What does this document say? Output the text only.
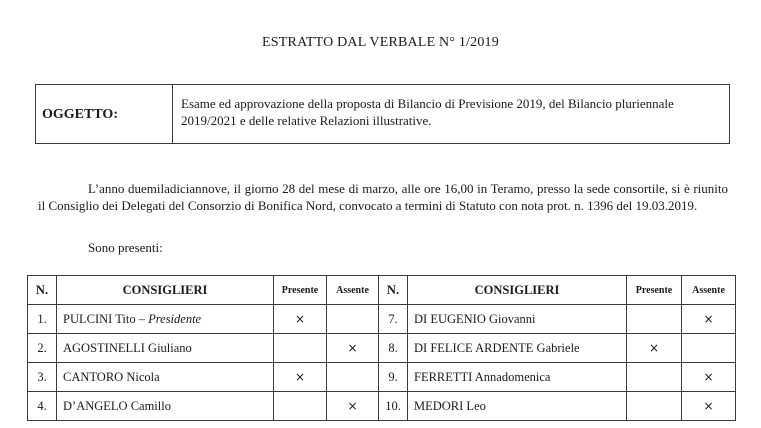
ESTRATTO DAL VERBALE N° 1/2019
OGGETTO:
Esame ed approvazione della proposta di Bilancio di Previsione 2019, del Bilancio pluriennale 2019/2021 e delle relative Relazioni illustrative.
L’anno duemiladiciannove, il giorno 28 del mese di marzo, alle ore 16,00 in Teramo, presso la sede consortile, si è riunito il Consiglio dei Delegati del Consorzio di Bonifica Nord, convocato a termini di Statuto con nota prot. n. 1396 del 19.03.2019.
Sono presenti:
N.	CONSIGLIERI	Presente	Assente	N.	CONSIGLIERI	Presente	Assente
1.	PULCINI Tito – Presidente	×		7.	DI EUGENIO Giovanni		×
2.	AGOSTINELLI Giuliano		×	8.	DI FELICE ARDENTE Gabriele	×	
3.	CANTORO Nicola	×		9.	FERRETTI Annadomenica		×
4.	D’ANGELO Camillo		×	10.	MEDORI Leo		×
